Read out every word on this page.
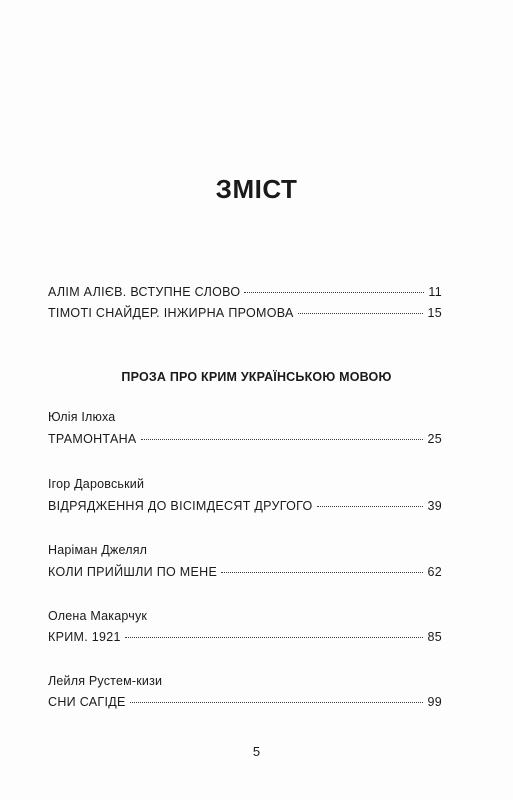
ЗМІСТ
АЛІМ АЛІЄВ. ВСТУПНЕ СЛОВО	11
ТІМОТІ СНАЙДЕР. ІНЖИРНА ПРОМОВА	15
ПРОЗА ПРО КРИМ УКРАЇНСЬКОЮ МОВОЮ
Юлія Ілюха
ТРАМОНТАНА	25
Ігор Даровський
ВІДРЯДЖЕННЯ ДО ВІСІМДЕСЯТ ДРУГОГО	39
Наріман Джелял
КОЛИ ПРИЙШЛИ ПО МЕНЕ	62
Олена Макарчук
КРИМ. 1921	85
Лейля Рустем-кизи
СНИ САГІДЕ	99
5
